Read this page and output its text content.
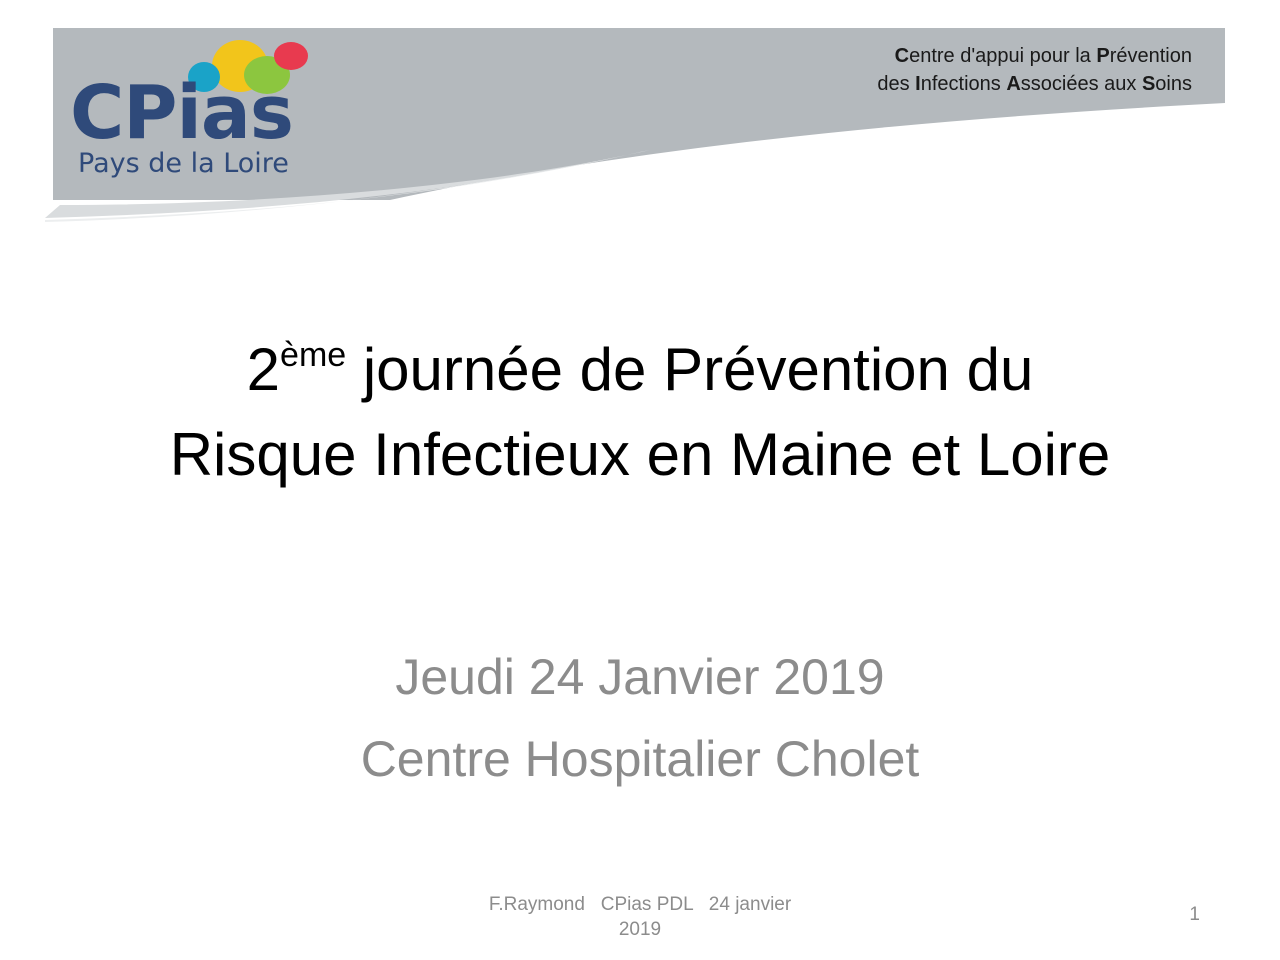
CPias
Pays de la Loire
Centre d'appui pour la Prévention
des Infections Associées aux Soins
2ème journée de Prévention du
Risque Infectieux en Maine et Loire
Jeudi 24 Janvier 2019
Centre Hospitalier Cholet
F.Raymond   CPias PDL   24 janvier
2019
1
